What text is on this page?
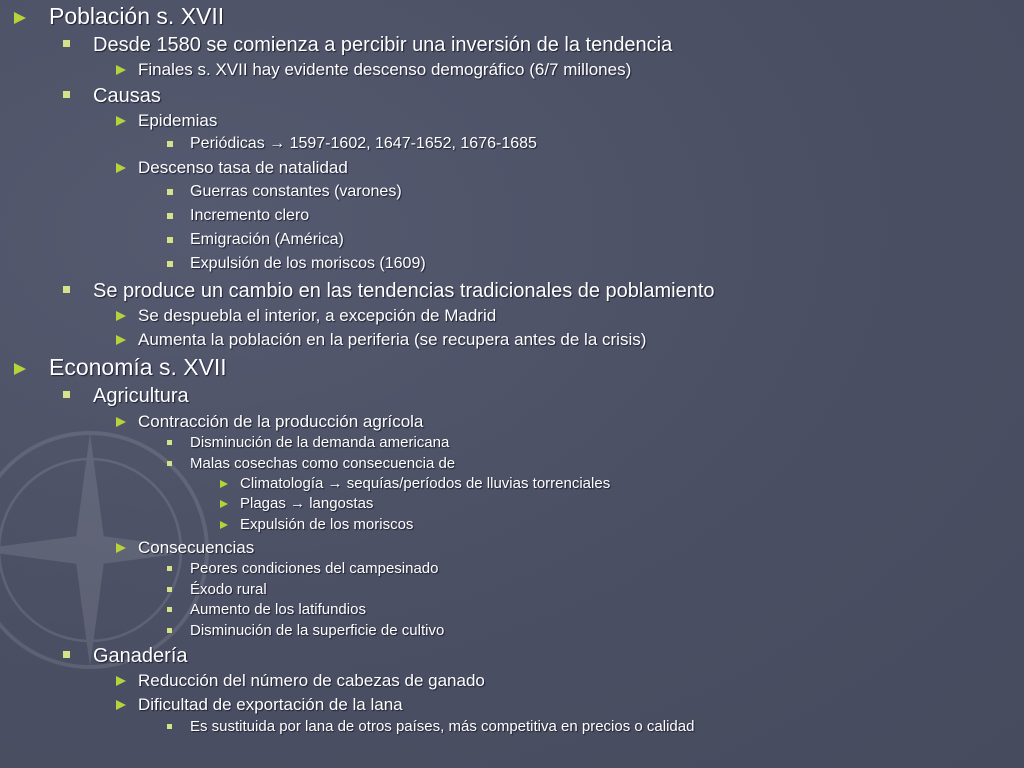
Población s. XVII
Desde 1580 se comienza a percibir una inversión de la tendencia
Finales s. XVII hay evidente descenso demográfico (6/7 millones)
Causas
Epidemias
Periódicas → 1597-1602, 1647-1652, 1676-1685
Descenso tasa de natalidad
Guerras constantes (varones)
Incremento clero
Emigración (América)
Expulsión de los moriscos (1609)
Se produce un cambio en las tendencias tradicionales de poblamiento
Se despuebla el interior, a excepción de Madrid
Aumenta la población en la periferia (se recupera antes de la crisis)
Economía s. XVII
Agricultura
Contracción de la producción agrícola
Disminución de la demanda americana
Malas cosechas como consecuencia de
Climatología → sequías/períodos de lluvias torrenciales
Plagas → langostas
Expulsión de los moriscos
Consecuencias
Peores condiciones del campesinado
Éxodo rural
Aumento de los latifundios
Disminución de la superficie de cultivo
Ganadería
Reducción del número de cabezas de ganado
Dificultad de exportación de la lana
Es sustituida por lana de otros países, más competitiva en precios o calidad
